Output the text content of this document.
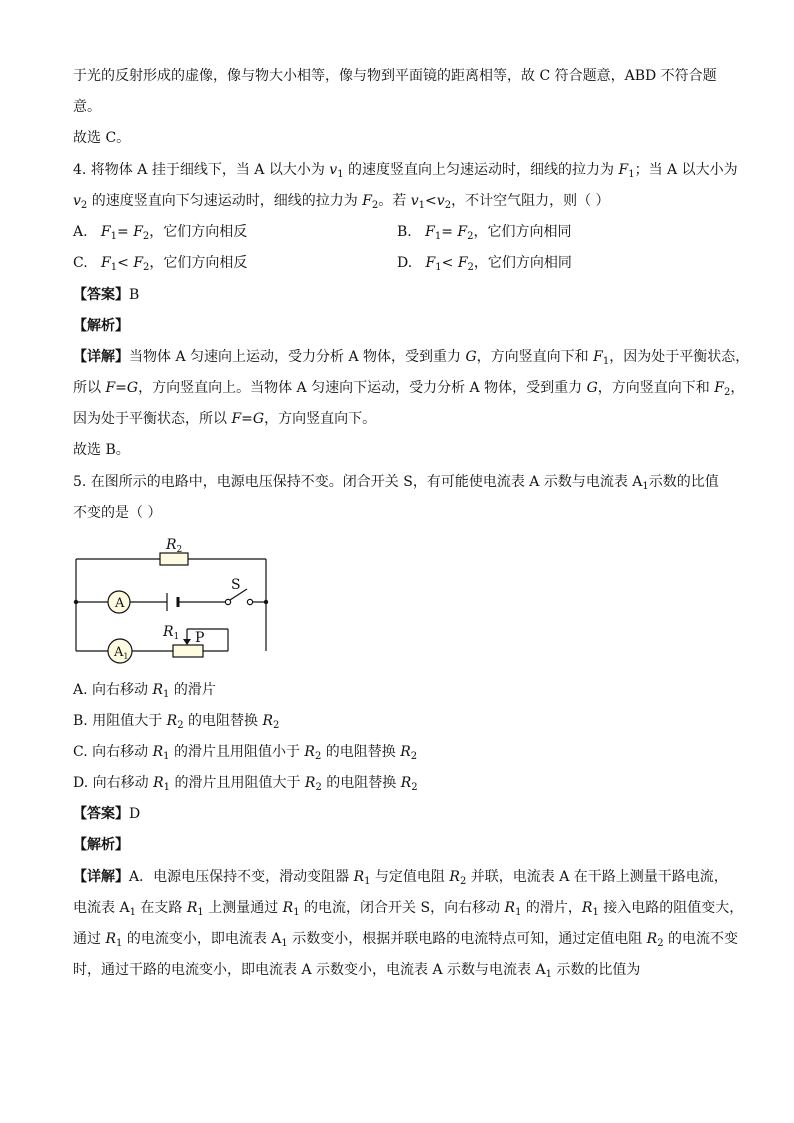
于光的反射形成的虚像，像与物大小相等，像与物到平面镜的距离相等，故 C 符合题意，ABD 不符合题
意。
故选 C。
4. 将物体 A 挂于细线下，当 A 以大小为 $v_1$ 的速度竖直向上匀速运动时，细线的拉力为 $F_1$；当 A 以大小为
$v_2$ 的速度竖直向下匀速运动时，细线的拉力为 $F_2$。若 $v_1<v_2$，不计空气阻力，则（ ）
A. $F_1= F_2$，它们方向相反	B. $F_1= F_2$，它们方向相同
C. $F_1< F_2$，它们方向相反	D. $F_1< F_2$，它们方向相同
【答案】B
【解析】
【详解】当物体 A 匀速向上运动，受力分析 A 物体，受到重力 G，方向竖直向下和 $F_1$，因为处于平衡状态，
所以 F=G，方向竖直向上。当物体 A 匀速向下运动，受力分析 A 物体，受到重力 G，方向竖直向下和 $F_2$，
因为处于平衡状态，所以 F=G，方向竖直向下。
故选 B。
5. 在图所示的电路中，电源电压保持不变。闭合开关 S，有可能使电流表 A 示数与电流表 $A_1$示数的比值
不变的是（ ）
A
$A_1$
$R_2$
$R_1$ P
S
A. 向右移动 $R_1$ 的滑片
B. 用阻值大于 $R_2$ 的电阻替换 $R_2$
C. 向右移动 $R_1$ 的滑片且用阻值小于 $R_2$ 的电阻替换 $R_2$
D. 向右移动 $R_1$ 的滑片且用阻值大于 $R_2$ 的电阻替换 $R_2$
【答案】D
【解析】
【详解】A．电源电压保持不变，滑动变阻器 $R_1$ 与定值电阻 $R_2$ 并联，电流表 A 在干路上测量干路电流，
电流表 $A_1$ 在支路 $R_1$ 上测量通过 $R_1$ 的电流，闭合开关 S，向右移动 $R_1$ 的滑片，$R_1$ 接入电路的阻值变大，
通过 $R_1$ 的电流变小，即电流表 $A_1$ 示数变小，根据并联电路的电流特点可知，通过定值电阻 $R_2$ 的电流不变
时，通过干路的电流变小，即电流表 A 示数变小，电流表 A 示数与电流表 $A_1$ 示数的比值为
